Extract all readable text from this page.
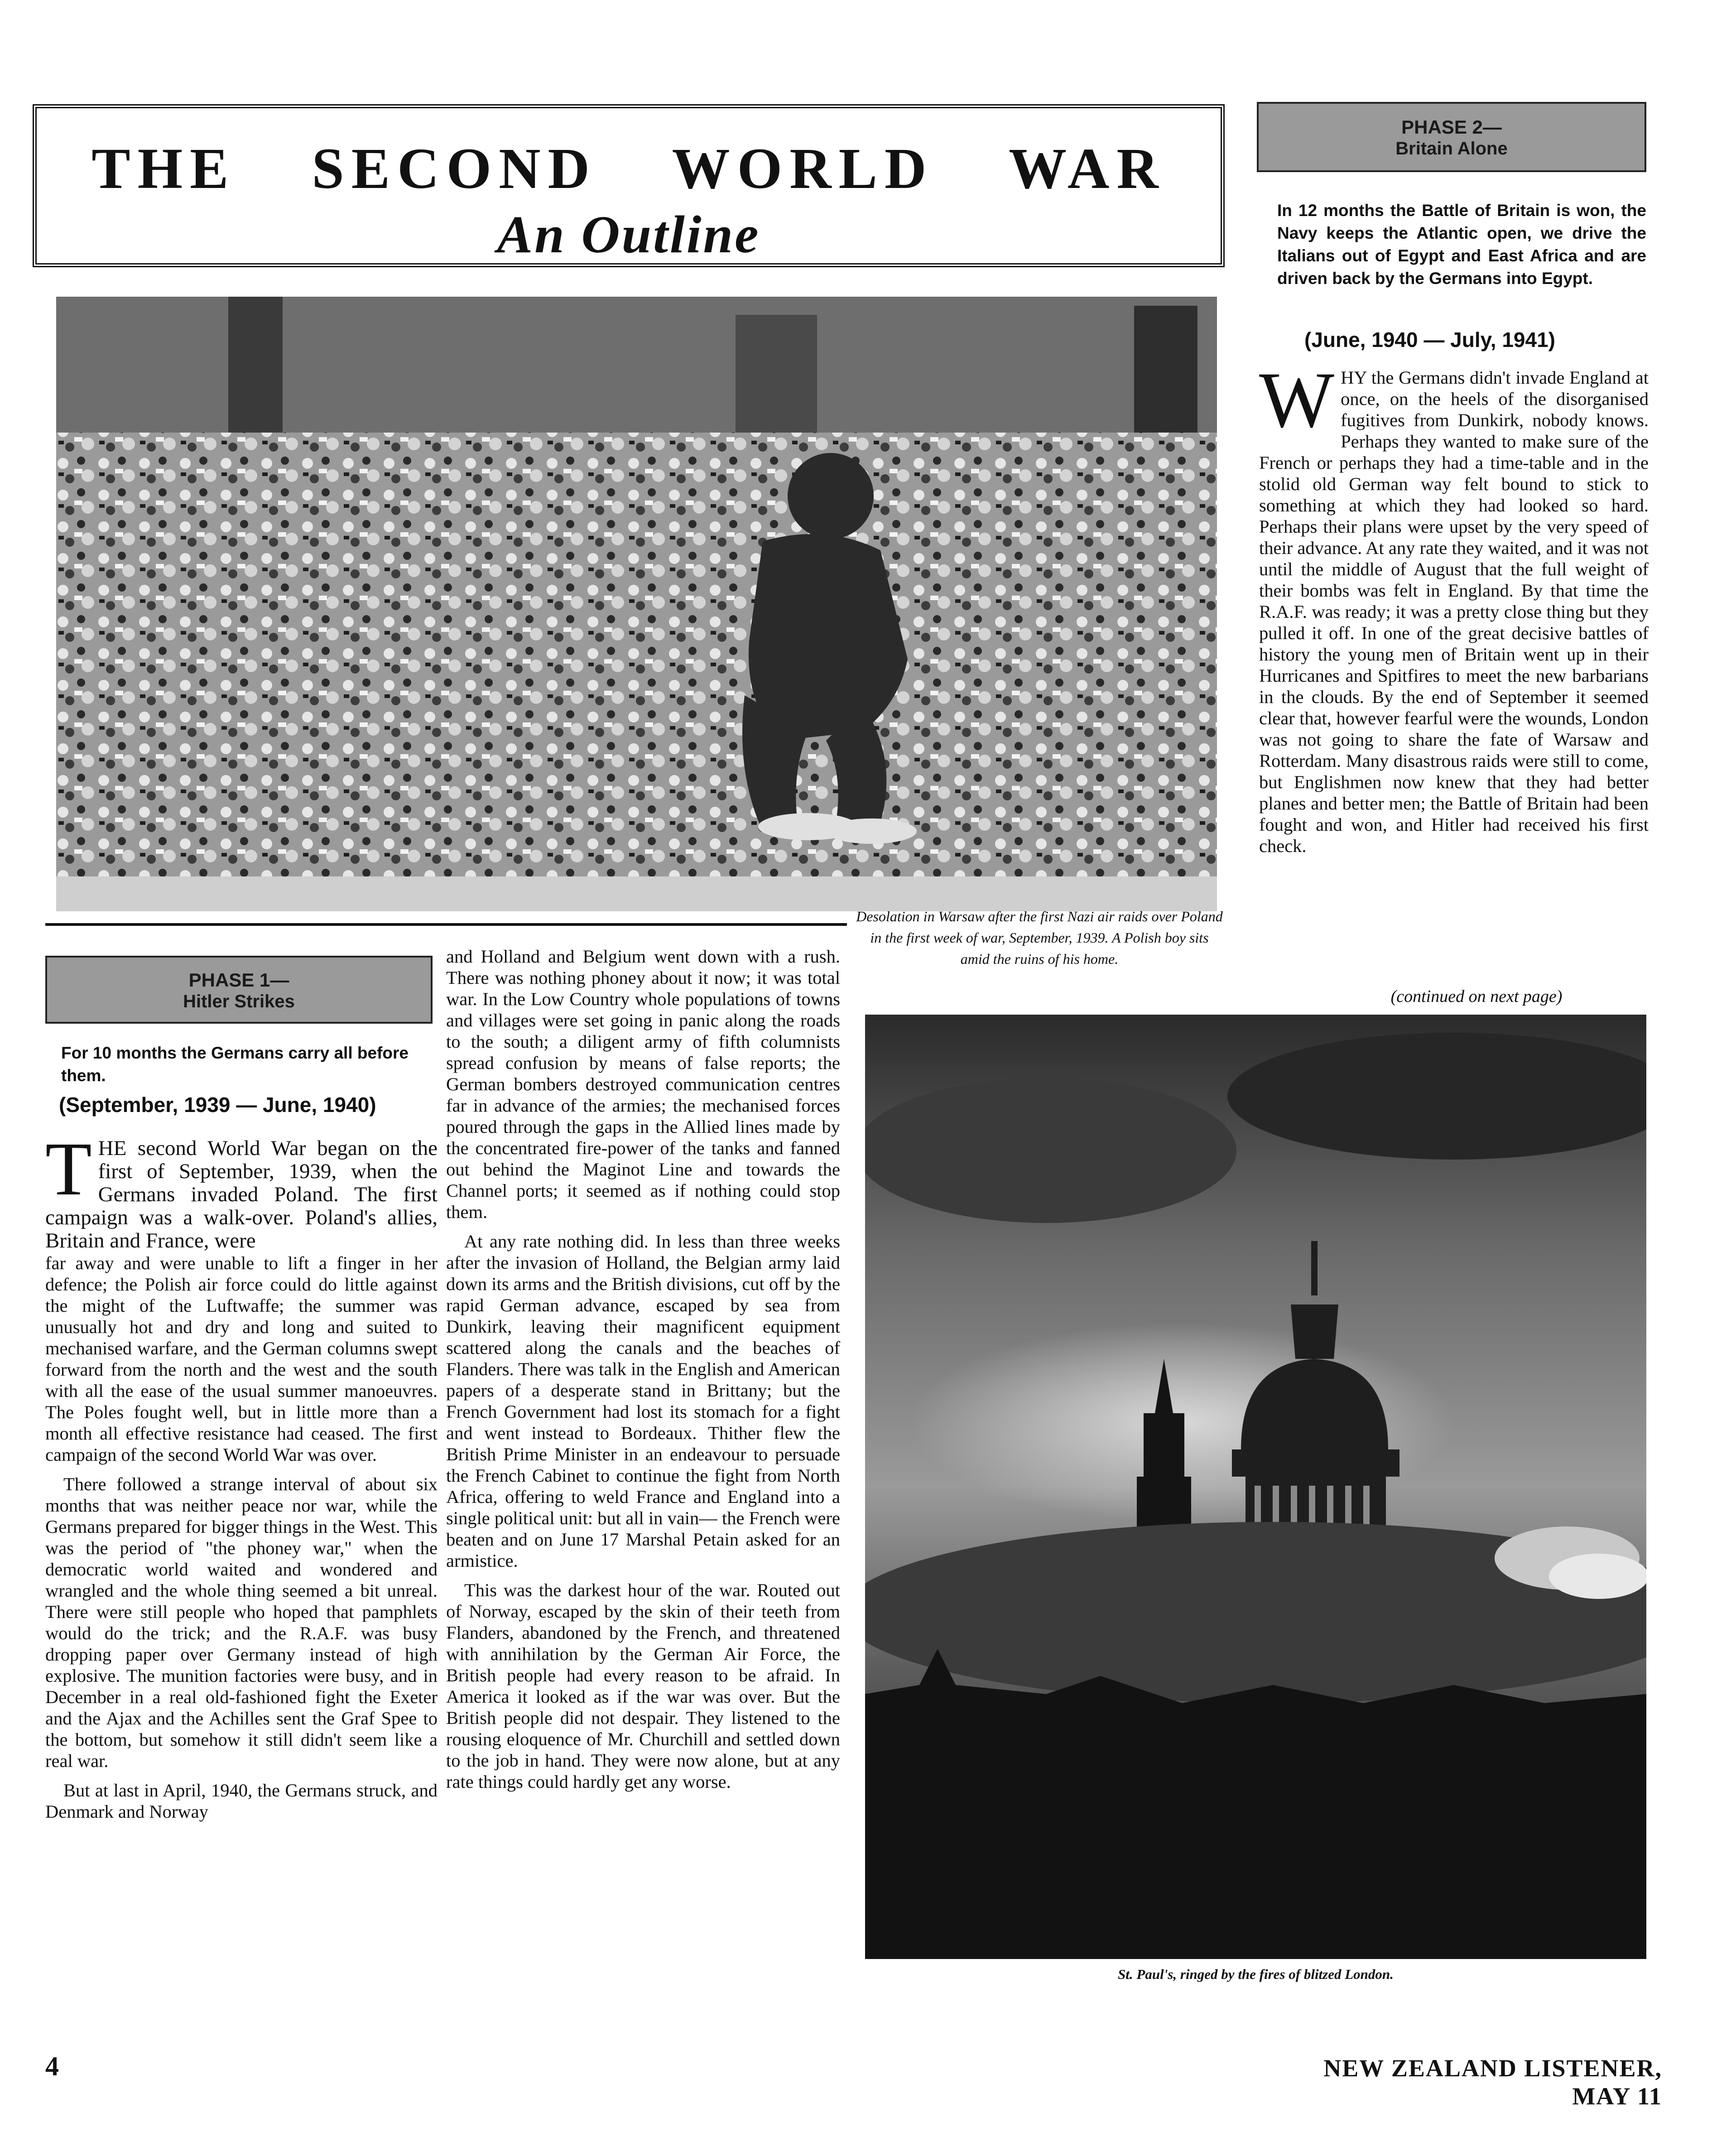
THE SECOND WORLD WAR
An Outline
Desolation in Warsaw after the first Nazi air raids over Poland in the first week of war, September, 1939. A Polish boy sits amid the ruins of his home.
PHASE 1—
Hitler Strikes
For 10 months the Germans carry all before them.
(September, 1939 — June, 1940)

THE second World War began on the first of September, 1939, when the Germans invaded Poland. The first campaign was a walk-over. Poland's allies, Britain and France, were

far away and were unable to lift a finger in her defence; the Polish air force could do little against the might of the Luftwaffe; the summer was unusually hot and dry and long and suited to mechanised warfare, and the German columns swept forward from the north and the west and the south with all the ease of the usual summer manoeuvres. The Poles fought well, but in little more than a month all effective resistance had ceased. The first campaign of the second World War was over.

There followed a strange interval of about six months that was neither peace nor war, while the Germans prepared for bigger things in the West. This was the period of "the phoney war," when the democratic world waited and wondered and wrangled and the whole thing seemed a bit unreal. There were still people who hoped that pamphlets would do the trick; and the R.A.F. was busy dropping paper over Germany instead of high explosive. The munition factories were busy, and in December in a real old-fashioned fight the Exeter and the Ajax and the Achilles sent the Graf Spee to the bottom, but somehow it still didn't seem like a real war.

But at last in April, 1940, the Germans struck, and Denmark and Norway

and Holland and Belgium went down with a rush. There was nothing phoney about it now; it was total war. In the Low Country whole populations of towns and villages were set going in panic along the roads to the south; a diligent army of fifth columnists spread confusion by means of false reports; the German bombers destroyed communication centres far in advance of the armies; the mechanised forces poured through the gaps in the Allied lines made by the concentrated fire-power of the tanks and fanned out behind the Maginot Line and towards the Channel ports; it seemed as if nothing could stop them.

At any rate nothing did. In less than three weeks after the invasion of Holland, the Belgian army laid down its arms and the British divisions, cut off by the rapid German advance, escaped by sea from Dunkirk, leaving their magnificent equipment scattered along the canals and the beaches of Flanders. There was talk in the English and American papers of a desperate stand in Brittany; but the French Government had lost its stomach for a fight and went instead to Bordeaux. Thither flew the British Prime Minister in an endeavour to persuade the French Cabinet to continue the fight from North Africa, offering to weld France and England into a single political unit: but all in vain— the French were beaten and on June 17 Marshal Petain asked for an armistice.

This was the darkest hour of the war. Routed out of Norway, escaped by the skin of their teeth from Flanders, abandoned by the French, and threatened with annihilation by the German Air Force, the British people had every reason to be afraid. In America it looked as if the war was over. But the British people did not despair. They listened to the rousing eloquence of Mr. Churchill and settled down to the job in hand. They were now alone, but at any rate things could hardly get any worse.

PHASE 2—
Britain Alone
In 12 months the Battle of Britain is won, the Navy keeps the Atlantic open, we drive the Italians out of Egypt and East Africa and are driven back by the Germans into Egypt.
(June, 1940 — July, 1941)

WHY the Germans didn't invade England at once, on the heels of the disorganised fugitives from Dunkirk, nobody knows. Perhaps they wanted to make sure of the French or perhaps they had a time-table and in the stolid old German way felt bound to stick to something at which they had looked so hard. Perhaps their plans were upset by the very speed of their advance. At any rate they waited, and it was not until the middle of August that the full weight of their bombs was felt in England. By that time the R.A.F. was ready; it was a pretty close thing but they pulled it off. In one of the great decisive battles of history the young men of Britain went up in their Hurricanes and Spitfires to meet the new barbarians in the clouds. By the end of September it seemed clear that, however fearful were the wounds, London was not going to share the fate of Warsaw and Rotterdam. Many disastrous raids were still to come, but Englishmen now knew that they had better planes and better men; the Battle of Britain had been fought and won, and Hitler had received his first check.

(continued on next page)
St. Paul's, ringed by the fires of blitzed London.
4	NEW ZEALAND LISTENER, MAY 11
